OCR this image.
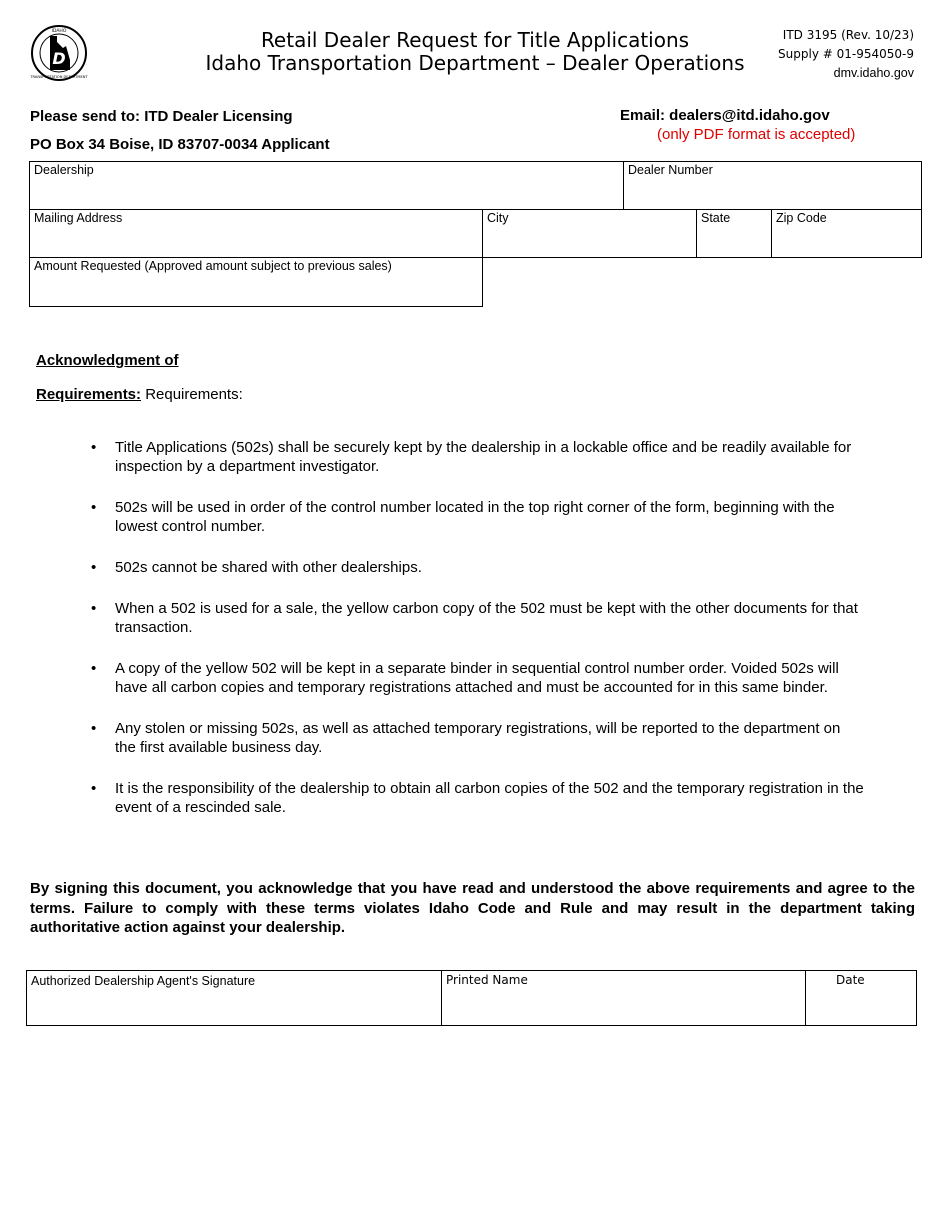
D
IDAHO
TRANSPORTATION DEPARTMENT
Retail Dealer Request for Title Applications
Idaho Transportation Department – Dealer Operations
ITD 3195 (Rev. 10/23)
Supply # 01-954050-9
dmv.idaho.gov
Please send to: ITD Dealer Licensing
PO Box 34 Boise, ID 83707-0034 Applicant
Email: dealers@itd.idaho.gov
(only PDF format is accepted)
Dealership	Dealer Number
Mailing Address	City	State	Zip Code
Amount Requested (Approved amount subject to previous sales)
Acknowledgment of
Requirements: Requirements:
• Title Applications (502s) shall be securely kept by the dealership in a lockable office and be readily available for inspection by a department investigator.
• 502s will be used in order of the control number located in the top right corner of the form, beginning with the lowest control number.
• 502s cannot be shared with other dealerships.
• When a 502 is used for a sale, the yellow carbon copy of the 502 must be kept with the other documents for that transaction.
• A copy of the yellow 502 will be kept in a separate binder in sequential control number order. Voided 502s will have all carbon copies and temporary registrations attached and must be accounted for in this same binder.
• Any stolen or missing 502s, as well as attached temporary registrations, will be reported to the department on the first available business day.
• It is the responsibility of the dealership to obtain all carbon copies of the 502 and the temporary registration in the event of a rescinded sale.
By signing this document, you acknowledge that you have read and understood the above requirements and agree to the terms. Failure to comply with these terms violates Idaho Code and Rule and may result in the department taking authoritative action against your dealership.
Authorized Dealership Agent's Signature	Printed Name	Date
